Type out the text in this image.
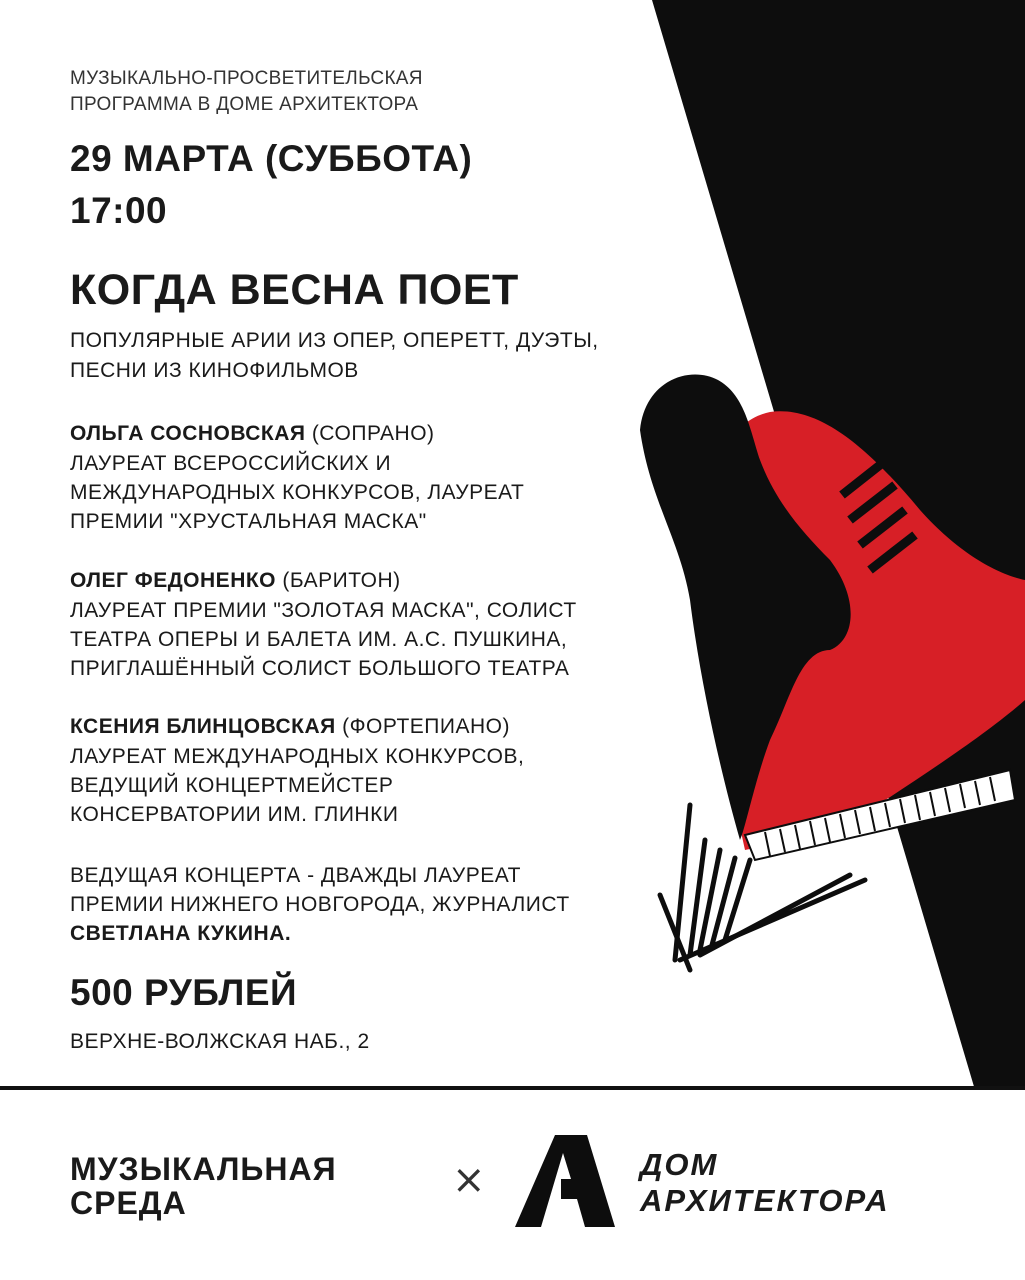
МУЗЫКАЛЬНО-ПРОСВЕТИТЕЛЬСКАЯ
ПРОГРАММА В ДОМЕ АРХИТЕКТОРА
29 МАРТА (СУББОТА)
17:00
КОГДА ВЕСНА ПОЕТ
ПОПУЛЯРНЫЕ АРИИ ИЗ ОПЕР, ОПЕРЕТТ, ДУЭТЫ,
ПЕСНИ ИЗ КИНОФИЛЬМОВ
ОЛЬГА СОСНОВСКАЯ (СОПРАНО)
ЛАУРЕАТ ВСЕРОССИЙСКИХ И
МЕЖДУНАРОДНЫХ КОНКУРСОВ, ЛАУРЕАТ
ПРЕМИИ "ХРУСТАЛЬНАЯ МАСКА"
ОЛЕГ ФЕДОНЕНКО (БАРИТОН)
ЛАУРЕАТ ПРЕМИИ "ЗОЛОТАЯ МАСКА", СОЛИСТ
ТЕАТРА ОПЕРЫ И БАЛЕТА ИМ. А.С. ПУШКИНА,
ПРИГЛАШЁННЫЙ СОЛИСТ БОЛЬШОГО ТЕАТРА
КСЕНИЯ БЛИНЦОВСКАЯ (ФОРТЕПИАНО)
ЛАУРЕАТ МЕЖДУНАРОДНЫХ КОНКУРСОВ,
ВЕДУЩИЙ КОНЦЕРТМЕЙСТЕР
КОНСЕРВАТОРИИ ИМ. ГЛИНКИ
ВЕДУЩАЯ КОНЦЕРТА - ДВАЖДЫ ЛАУРЕАТ
ПРЕМИИ НИЖНЕГО НОВГОРОДА, ЖУРНАЛИСТ
СВЕТЛАНА КУКИНА.
500 РУБЛЕЙ
ВЕРХНЕ-ВОЛЖСКАЯ НАБ., 2
МУЗЫКАЛЬНАЯ
СРЕДА	×	ДОМ
АРХИТЕКТОРА
